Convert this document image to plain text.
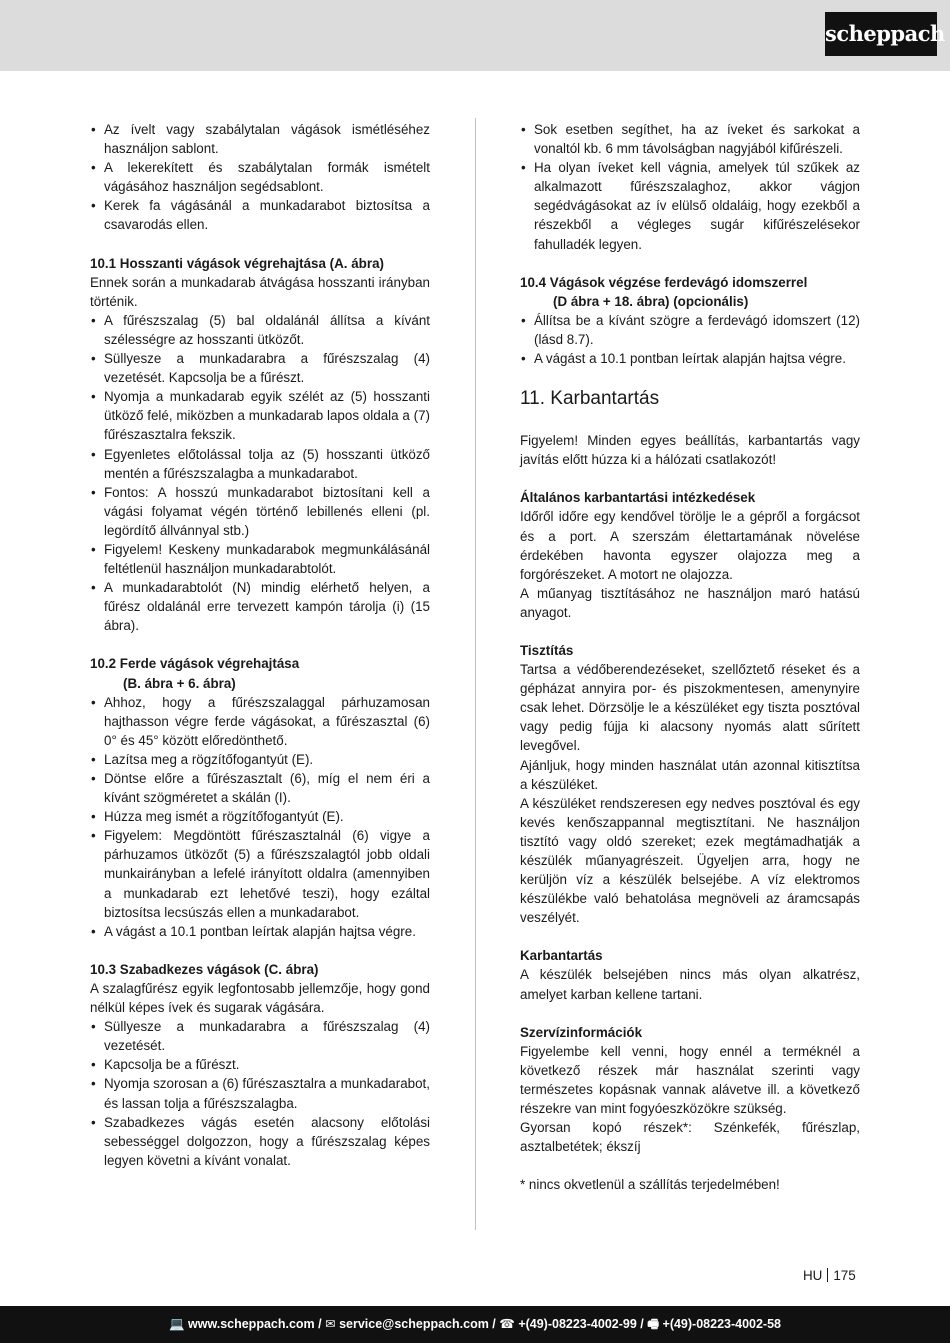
scheppach
• Az ívelt vagy szabálytalan vágások ismétléséhez használjon sablont.
• A lekerekített és szabálytalan formák ismételt vágásához használjon segédsablont.
• Kerek fa vágásánál a munkadarabot biztosítsa a csavarodás ellen.
10.1 Hosszanti vágások végrehajtása (A. ábra)

Ennek során a munkadarab átvágása hosszanti irányban történik.

• A fűrészszalag (5) bal oldalánál állítsa a kívánt szélességre az hosszanti ütközőt.
• Süllyesze a munkadarabra a fűrészszalag (4) vezetését. Kapcsolja be a fűrészt.
• Nyomja a munkadarab egyik szélét az (5) hosszanti ütköző felé, miközben a munkadarab lapos oldala a (7) fűrészasztalra fekszik.
• Egyenletes előtolással tolja az (5) hosszanti ütköző mentén a fűrészszalagba a munkadarabot.
• Fontos: A hosszú munkadarabot biztosítani kell a vágási folyamat végén történő lebillenés elleni (pl. legördítő állvánnyal stb.)
• Figyelem! Keskeny munkadarabok megmunkálásánál feltétlenül használjon munkadarabtolót.
• A munkadarabtolót (N) mindig elérhető helyen, a fűrész oldalánál erre tervezett kampón tárolja (i) (15 ábra).
10.2 Ferde vágások végrehajtása
(B. ábra + 6. ábra)
• Ahhoz, hogy a fűrészszalaggal párhuzamosan hajthasson végre ferde vágásokat, a fűrészasztal (6) 0° és 45° között előredönthető.
• Lazítsa meg a rögzítőfogantyút (E).
• Döntse előre a fűrészasztalt (6), míg el nem éri a kívánt szögméretet a skálán (I).
• Húzza meg ismét a rögzítőfogantyút (E).
• Figyelem: Megdöntött fűrészasztalnál (6) vigye a párhuzamos ütközőt (5) a fűrészszalagtól jobb oldali munkairányban a lefelé irányított oldalra (amennyiben a munkadarab ezt lehetővé teszi), hogy ezáltal biztosítsa lecsúszás ellen a munkadarabot.
• A vágást a 10.1 pontban leírtak alapján hajtsa végre.
10.3 Szabadkezes vágások (C. ábra)

A szalagfűrész egyik legfontosabb jellemzője, hogy gond nélkül képes ívek és sugarak vágására.

• Süllyesze a munkadarabra a fűrészszalag (4) vezetését.
• Kapcsolja be a fűrészt.
• Nyomja szorosan a (6) fűrészasztalra a munkadarabot, és lassan tolja a fűrészszalagba.
• Szabadkezes vágás esetén alacsony előtolási sebességgel dolgozzon, hogy a fűrészszalag képes legyen követni a kívánt vonalat.
• Sok esetben segíthet, ha az íveket és sarkokat a vonaltól kb. 6 mm távolságban nagyjából kifűrészeli.
• Ha olyan íveket kell vágnia, amelyek túl szűkek az alkalmazott fűrészszalaghoz, akkor vágjon segédvágásokat az ív elülső oldaláig, hogy ezekből a részekből a végleges sugár kifűrészelésekor fahulladék legyen.
10.4 Vágások végzése ferdevágó idomszerrel
(D ábra + 18. ábra) (opcionális)
• Állítsa be a kívánt szögre a ferdevágó idomszert (12) (lásd 8.7).
• A vágást a 10.1 pontban leírtak alapján hajtsa végre.
11. Karbantartás

Figyelem! Minden egyes beállítás, karbantartás vagy javítás előtt húzza ki a hálózati csatlakozót!

Általános karbantartási intézkedések

Időről időre egy kendővel törölje le a gépről a forgácsot és a port. A szerszám élettartamának növelése érdekében havonta egyszer olajozza meg a forgórészeket. A motort ne olajozza.

A műanyag tisztításához ne használjon maró hatású anyagot.

Tisztítás

Tartsa a védőberendezéseket, szellőztető réseket és a gépházat annyira por- és piszokmentesen, amenynyire csak lehet. Dörzsölje le a készüléket egy tiszta posztóval vagy pedig fújja ki alacsony nyomás alatt sűrített levegővel.

Ajánljuk, hogy minden használat után azonnal kitisztítsa a készüléket.

A készüléket rendszeresen egy nedves posztóval és egy kevés kenőszappannal megtisztítani. Ne használjon tisztító vagy oldó szereket; ezek megtámadhatják a készülék műanyagrészeit. Ügyeljen arra, hogy ne kerüljön víz a készülék belsejébe. A víz elektromos készülékbe való behatolása megnöveli az áramcsapás veszélyét.

Karbantartás

A készülék belsejében nincs más olyan alkatrész, amelyet karban kellene tartani.

Szervízinformációk

Figyelembe kell venni, hogy ennél a terméknél a következő részek már használat szerinti vagy természetes kopásnak vannak alávetve ill. a következő részekre van mint fogyóeszközökre szükség.

Gyorsan kopó részek*: Szénkefék, fűrészlap, asztalbetétek; ékszíj

* nincs okvetlenül a szállítás terjedelmében!

HU 175
💻 www.scheppach.com / ✉ service@scheppach.com / ☎ +(49)-08223-4002-99 / 🖷 +(49)-08223-4002-58
